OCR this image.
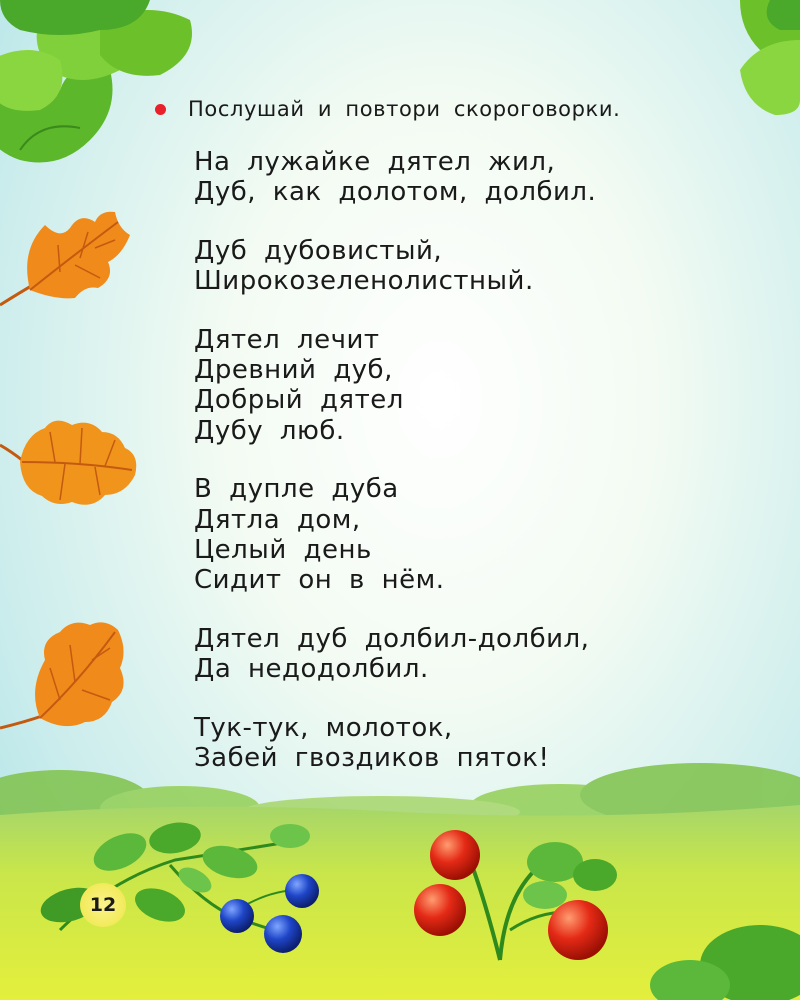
Послушай и повтори скороговорки.
На лужайке дятел жил,
Дуб, как долотом, долбил.
Дуб дубовистый,
Широкозеленолистный.
Дятел лечит
Древний дуб,
Добрый дятел
Дубу люб.
В дупле дуба
Дятла дом,
Целый день
Сидит он в нём.
Дятел дуб долбил-долбил,
Да недодолбил.
Тук-тук, молоток,
Забей гвоздиков пяток!
12
